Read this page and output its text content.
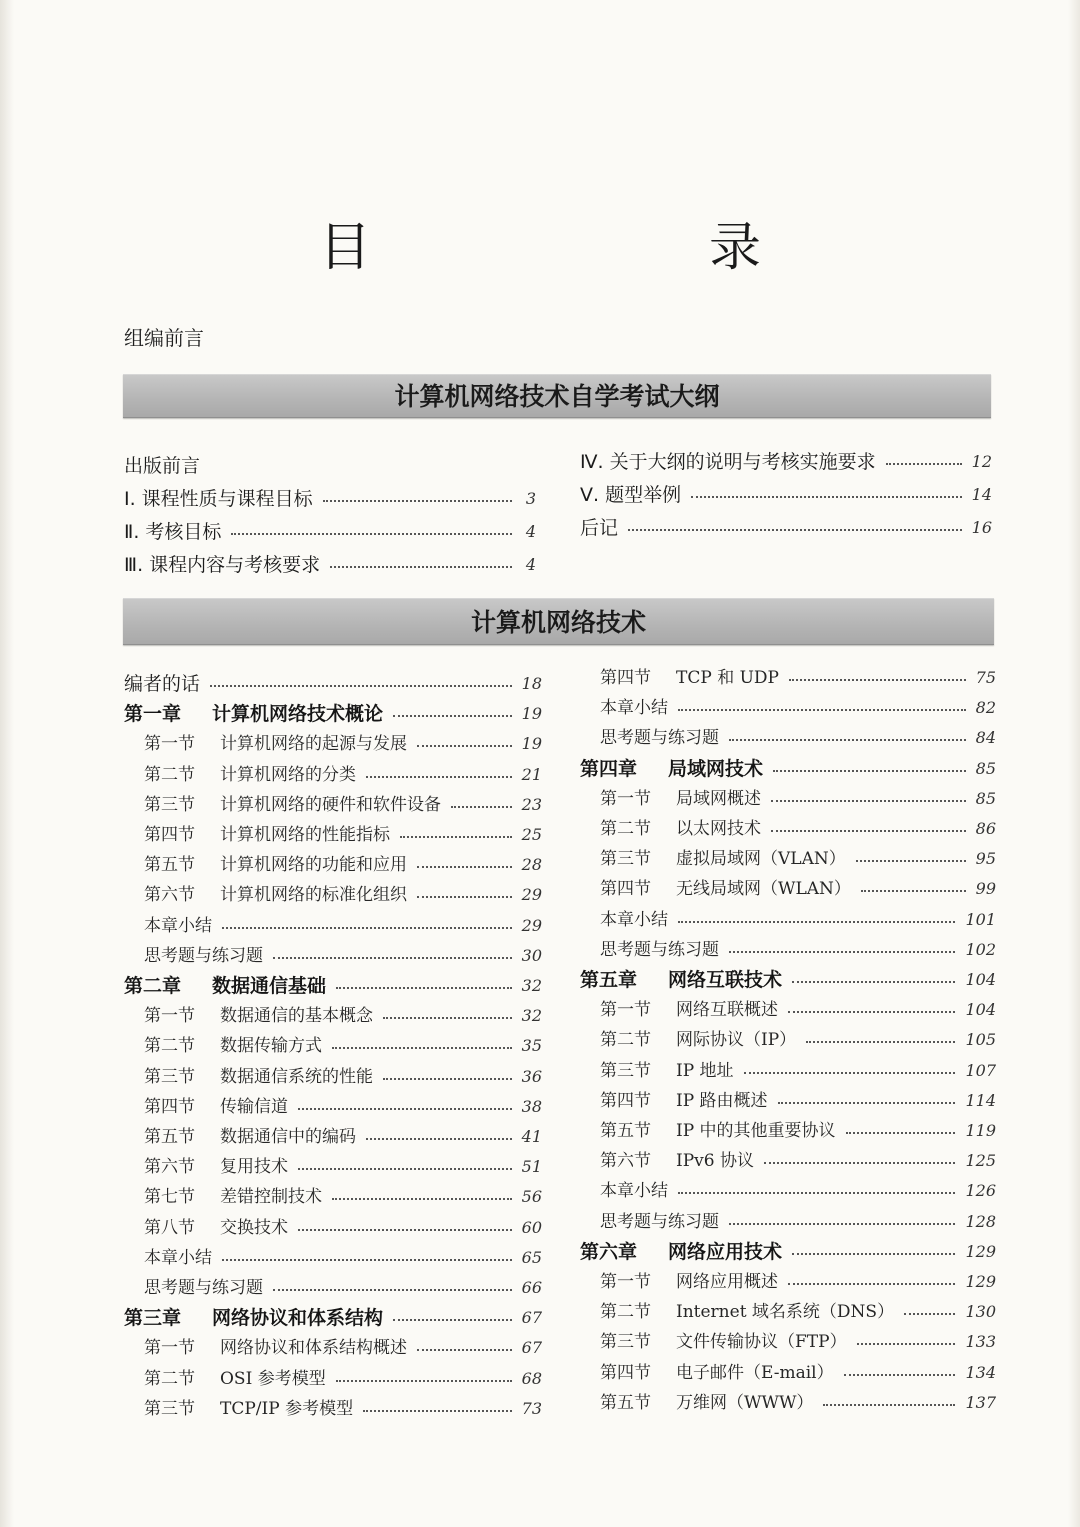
目　　录
组编前言
计算机网络技术自学考试大纲
出版前言
Ⅰ. 课程性质与课程目标	3
Ⅱ. 考核目标	4
Ⅲ. 课程内容与考核要求	4
Ⅳ. 关于大纲的说明与考核实施要求	12
Ⅴ. 题型举例	14
后记	16
计算机网络技术
编者的话	18
第一章 计算机网络技术概论	19
第一节 计算机网络的起源与发展	19
第二节 计算机网络的分类	21
第三节 计算机网络的硬件和软件设备	23
第四节 计算机网络的性能指标	25
第五节 计算机网络的功能和应用	28
第六节 计算机网络的标准化组织	29
本章小结	29
思考题与练习题	30
第二章 数据通信基础	32
第一节 数据通信的基本概念	32
第二节 数据传输方式	35
第三节 数据通信系统的性能	36
第四节 传输信道	38
第五节 数据通信中的编码	41
第六节 复用技术	51
第七节 差错控制技术	56
第八节 交换技术	60
本章小结	65
思考题与练习题	66
第三章 网络协议和体系结构	67
第一节 网络协议和体系结构概述	67
第二节 OSI 参考模型	68
第三节 TCP/IP 参考模型	73
第四节 TCP 和 UDP	75
本章小结	82
思考题与练习题	84
第四章 局域网技术	85
第一节 局域网概述	85
第二节 以太网技术	86
第三节 虚拟局域网（VLAN）	95
第四节 无线局域网（WLAN）	99
本章小结	101
思考题与练习题	102
第五章 网络互联技术	104
第一节 网络互联概述	104
第二节 网际协议（IP）	105
第三节 IP 地址	107
第四节 IP 路由概述	114
第五节 IP 中的其他重要协议	119
第六节 IPv6 协议	125
本章小结	126
思考题与练习题	128
第六章 网络应用技术	129
第一节 网络应用概述	129
第二节 Internet 域名系统（DNS）	130
第三节 文件传输协议（FTP）	133
第四节 电子邮件（E-mail）	134
第五节 万维网（WWW）	137
